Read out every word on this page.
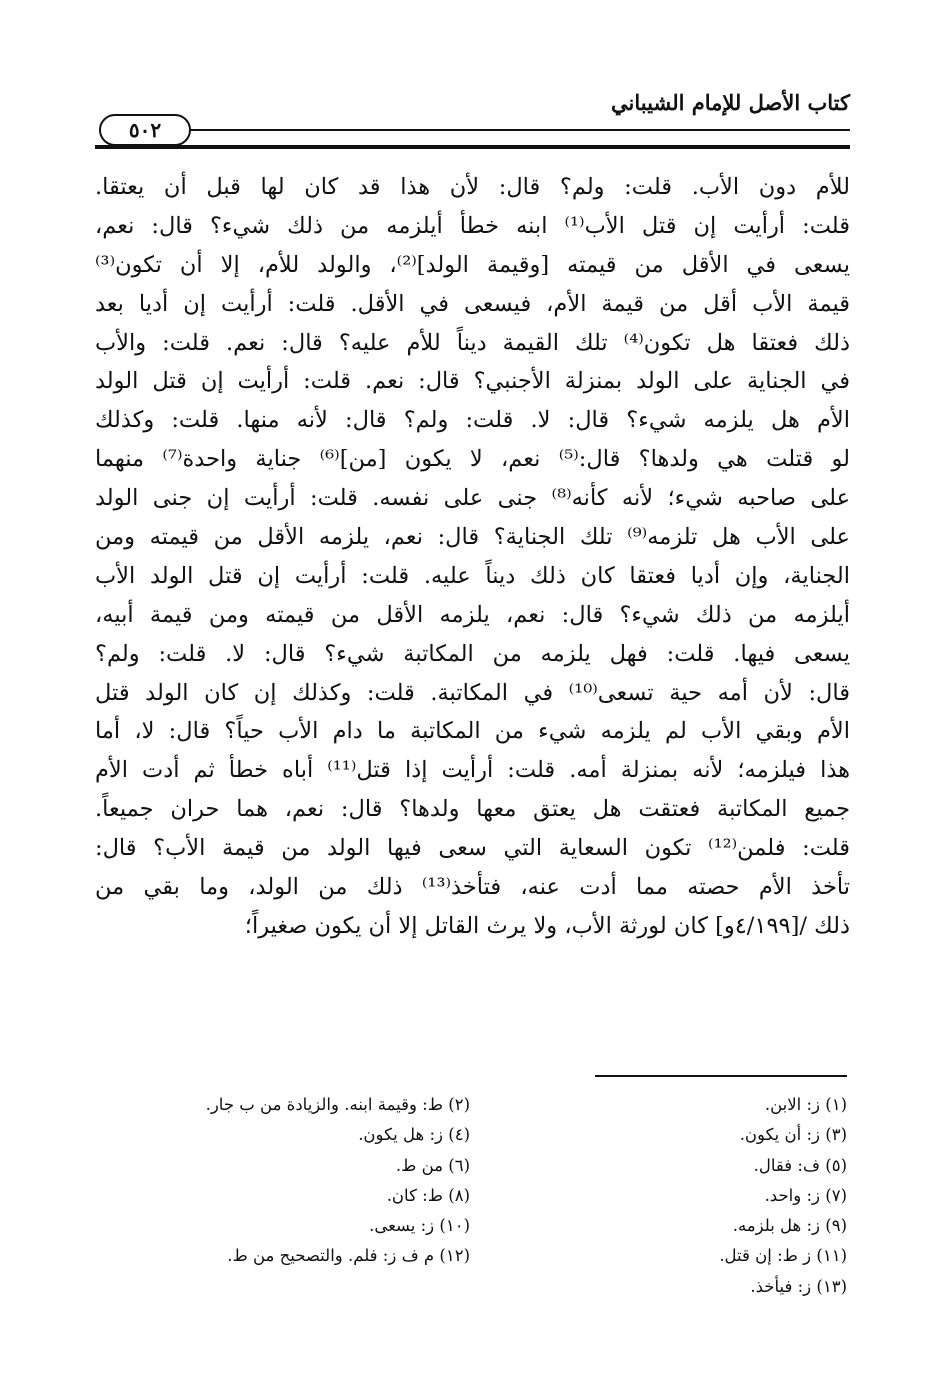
كتاب الأصل للإمام الشيباني
٥٠٢
للأم دون الأب. قلت: ولم؟ قال: لأن هذا قد كان لها قبل أن يعتقا.
قلت: أرأيت إن قتل الأب⁽¹⁾ ابنه خطأ أيلزمه من ذلك شيء؟ قال: نعم،
يسعى في الأقل من قيمته [وقيمة الولد]⁽²⁾، والولد للأم، إلا أن تكون⁽³⁾
قيمة الأب أقل من قيمة الأم، فيسعى في الأقل. قلت: أرأيت إن أديا بعد
ذلك فعتقا هل تكون⁽⁴⁾ تلك القيمة ديناً للأم عليه؟ قال: نعم. قلت: والأب
في الجناية على الولد بمنزلة الأجنبي؟ قال: نعم. قلت: أرأيت إن قتل الولد
الأم هل يلزمه شيء؟ قال: لا. قلت: ولم؟ قال: لأنه منها. قلت: وكذلك
لو قتلت هي ولدها؟ قال:⁽⁵⁾ نعم، لا يكون [من]⁽⁶⁾ جناية واحدة⁽⁷⁾ منهما
على صاحبه شيء؛ لأنه كأنه⁽⁸⁾ جنى على نفسه. قلت: أرأيت إن جنى الولد
على الأب هل تلزمه⁽⁹⁾ تلك الجناية؟ قال: نعم، يلزمه الأقل من قيمته ومن
الجناية، وإن أديا فعتقا كان ذلك ديناً عليه. قلت: أرأيت إن قتل الولد الأب
أيلزمه من ذلك شيء؟ قال: نعم، يلزمه الأقل من قيمته ومن قيمة أبيه،
يسعى فيها. قلت: فهل يلزمه من المكاتبة شيء؟ قال: لا. قلت: ولم؟
قال: لأن أمه حية تسعى⁽¹⁰⁾ في المكاتبة. قلت: وكذلك إن كان الولد قتل
الأم وبقي الأب لم يلزمه شيء من المكاتبة ما دام الأب حياً؟ قال: لا، أما
هذا فيلزمه؛ لأنه بمنزلة أمه. قلت: أرأيت إذا قتل⁽¹¹⁾ أباه خطأ ثم أدت الأم
جميع المكاتبة فعتقت هل يعتق معها ولدها؟ قال: نعم، هما حران جميعاً.
قلت: فلمن⁽¹²⁾ تكون السعاية التي سعى فيها الولد من قيمة الأب؟ قال:
تأخذ الأم حصته مما أدت عنه، فتأخذ⁽¹³⁾ ذلك من الولد، وما بقي من
ذلك /[٤/١٩٩و] كان لورثة الأب، ولا يرث القاتل إلا أن يكون صغيراً؛
(١) ز: الابن.
(٣) ز: أن يكون.
(٥) ف: فقال.
(٧) ز: واحد.
(٩) ز: هل بلزمه.
(١١) ز ط: إن قتل.
(١٣) ز: فيأخذ.
(٢) ط: وقيمة ابنه. والزيادة من ب جار.
(٤) ز: هل يكون.
(٦) من ط.
(٨) ط: كان.
(١٠) ز: يسعى.
(١٢) م ف ز: فلم. والتصحيح من ط.
